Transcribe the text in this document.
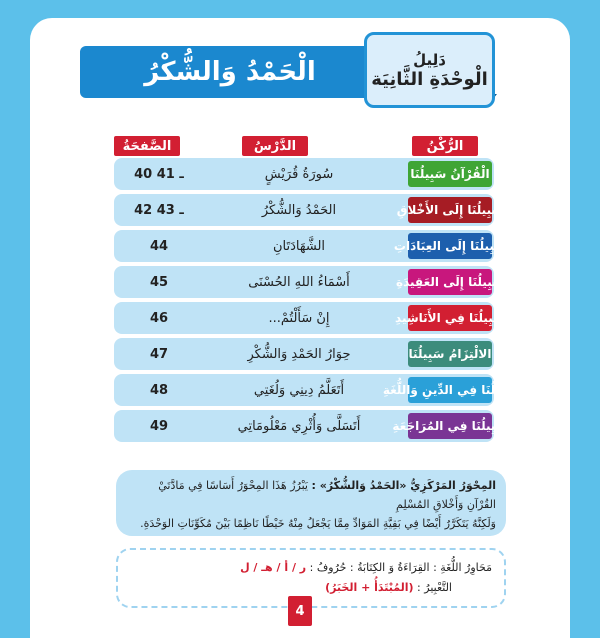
الْحَمْدُ وَالشُّكْرُ	دَلِيلُ
الْوحْدَةِ الثَّانِيَة
الصَّفحَةُ	الدَّرْسُ	الرُّكْنُ
40 ـ 41	سُورَةُ قُرَيْشٍ	الْقُرْآنُ سَبِيلُنَا
42 ـ 43	الحَمْدُ وَالشُّكْرُ	سَبِيلُنَا إِلَى الأَخْلاقِ
44	الشَّهَادَتَانِ	سَبِيلُنَا إِلَى العِبَادَاتِ
45	أَسْمَاءُ اللهِ الحُسْنَى	سَبِيلُنَا إِلَى العَقِيدَةِ
46	إِنْ سَأَلْتُمْ...	سَبِيلُنَا فِي الأَنَاشِيدِ
47	حِوَارُ الحَمْدِ وَالشُّكْرِ	الالْتِزَامُ سَبِيلُنَا
48	أَتَعَلَّمُ دِينِي وَلُغَتِي	سَبِيلُنَا فِي الدِّينِ وَاللُّغَةِ
49	أَتَسَلَّى وَأُثْرِي مَعْلُومَاتِي	سَبِيلُنَا فِي المُرَاجَعَةِ
المِحْوَرُ المَرْكَزِيُّ «الحَمْدُ وَالشُّكْرُ» : يَبْرُزُ هَذَا المِحْوَرُ أَسَاسًا فِي مَادَّتَيْ القُرْآنِ وَأَخْلاقِ المُسْلِمِ
وَلَكِنَّهُ يَتَكَرَّرُ أَيْضًا فِي بَقِيَّةِ المَوَادِّ مِمَّا يَجْعَلُ مِنْهُ خَيْطًا نَاظِمًا بَيْنَ مُكَوِّنَاتِ الوَحْدَةِ.
مَحَاوِرُ اللُّغَةِ : القِرَاءَةُ وَ الكِتَابَةُ : حُرُوفُ : ر / أ / هـ / ل
التَّعْبِيرُ : (المُبْتَدَأُ + الخَبَرُ)
4
